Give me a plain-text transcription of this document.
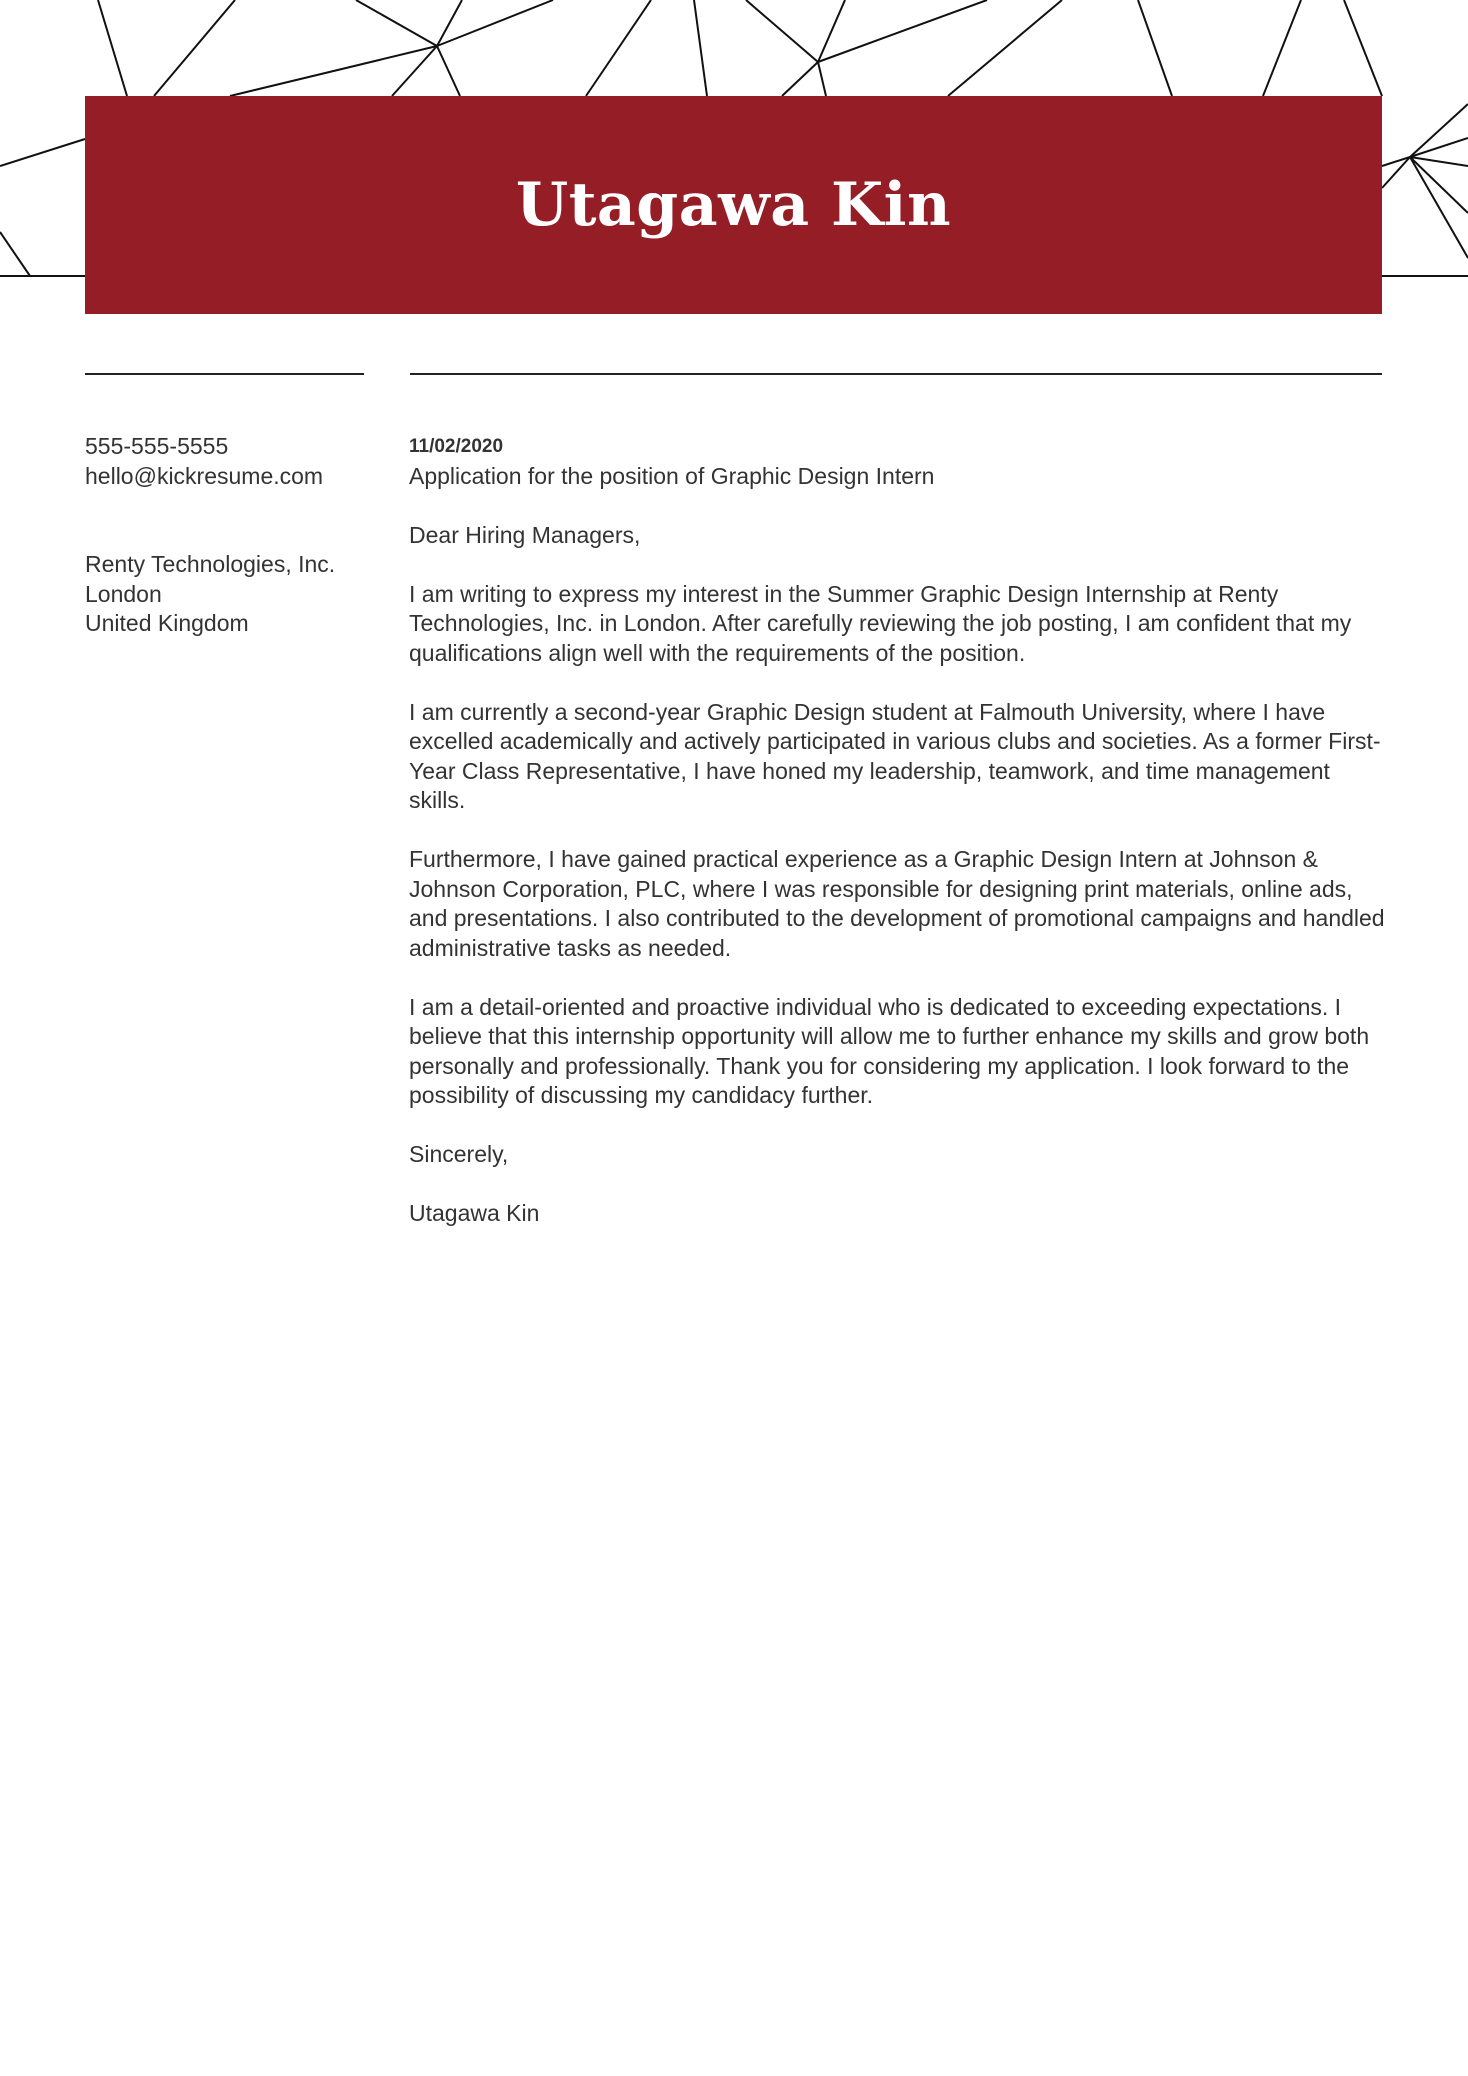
Utagawa Kin
555-555-5555
hello@kickresume.com
Renty Technologies, Inc.
London
United Kingdom
11/02/2020
Application for the position of Graphic Design Intern

Dear Hiring Managers,

I am writing to express my interest in the Summer Graphic Design Internship at Renty Technologies, Inc. in London. After carefully reviewing the job posting, I am confident that my qualifications align well with the requirements of the position.

I am currently a second-year Graphic Design student at Falmouth University, where I have excelled academically and actively participated in various clubs and societies. As a former First-Year Class Representative, I have honed my leadership, teamwork, and time management skills.

Furthermore, I have gained practical experience as a Graphic Design Intern at Johnson & Johnson Corporation, PLC, where I was responsible for designing print materials, online ads, and presentations. I also contributed to the development of promotional campaigns and handled administrative tasks as needed.

I am a detail-oriented and proactive individual who is dedicated to exceeding expectations. I believe that this internship opportunity will allow me to further enhance my skills and grow both personally and professionally. Thank you for considering my application. I look forward to the possibility of discussing my candidacy further.

Sincerely,

Utagawa Kin
